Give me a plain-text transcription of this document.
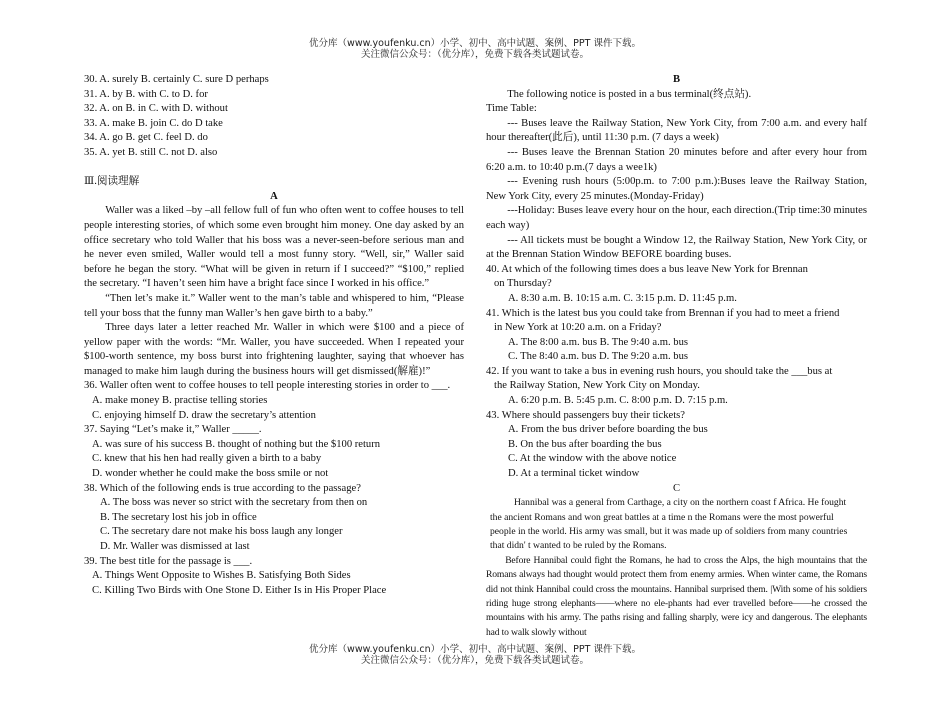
优分库（www.youfenku.cn）小学、初中、高中试题、案例、PPT 课件下载。
关注微信公众号：（优分库），免费下载各类试题试卷。
30. A. surely B. certainly C. sure D perhaps
31. A. by B. with C. to D. for
32. A. on B. in C. with D. without
33. A. make B. join C. do D take
34. A. go B. get C. feel D. do
35. A. yet B. still C. not D. also
Ⅲ.阅读理解
A

Waller was a liked –by –all fellow full of fun who often went to coffee houses to tell people interesting stories, of which some even brought him money. One day asked by an office secretary who told Waller that his boss was a never-seen-before serious man and he never even smiled, Waller would tell a most funny story. “Well, sir,” Waller said before he began the story. “What will be given in return if I succeed?” “$100,” replied the secretary. “I haven’t seen him have a bright face since I worked in his office.”

“Then let’s make it.” Waller went to the man’s table and whispered to him, “Please tell your boss that the funny man Waller’s hen gave birth to a baby.”

Three days later a letter reached Mr. Waller in which were $100 and a piece of yellow paper with the words: “Mr. Waller, you have succeeded. When I repeated your $100-worth sentence, my boss burst into frightening laughter, saying that whoever has managed to make him laugh during the business hours will get dismissed(解雇)!”

36. Waller often went to coffee houses to tell people interesting stories in order to ___.

A. make money B. practise telling stories
C. enjoying himself D. draw the secretary’s attention
37. Saying “Let’s make it,” Waller _____.
A. was sure of his success B. thought of nothing but the $100 return
C. knew that his hen had really given a birth to a baby
D. wonder whether he could make the boss smile or not
38. Which of the following ends is true according to the passage?
A. The boss was never so strict with the secretary from then on
B. The secretary lost his job in office
C. The secretary dare not make his boss laugh any longer
D. Mr. Waller was dismissed at last
39. The best title for the passage is ___.
A. Things Went Opposite to Wishes B. Satisfying Both Sides
C. Killing Two Birds with One Stone D. Either Is in His Proper Place
B
The following notice is posted in a bus terminal(终点站).
Time Table:

--- Buses leave the Railway Station, New York City, from 7:00 a.m. and every half hour thereafter(此后), until 11:30 p.m. (7 days a week)

--- Buses leave the Brennan Station 20 minutes before and after every hour from 6:20 a.m. to 10:40 p.m.(7 days a wee1k)

--- Evening rush hours (5:00p.m. to 7:00 p.m.):Buses leave the Railway Station, New York City, every 25 minutes.(Monday-Friday)

---Holiday: Buses leave every hour on the hour, each direction.(Trip time:30 minutes each way)

--- All tickets must be bought a Window 12, the Railway Station, New York City, or at the Brennan Station Window BEFORE boarding buses.

40. At which of the following times does a bus leave New York for Brennan
on Thursday?
A. 8:30 a.m. B. 10:15 a.m. C. 3:15 p.m. D. 11:45 p.m.
41. Which is the latest bus you could take from Brennan if you had to meet a friend
in New York at 10:20 a.m. on a Friday?
A. The 8:00 a.m. bus B. The 9:40 a.m. bus
C. The 8:40 a.m. bus D. The 9:20 a.m. bus
42. If you want to take a bus in evening rush hours, you should take the ___bus at
the Railway Station, New York City on Monday.
A. 6:20 p.m. B. 5:45 p.m. C. 8:00 p.m. D. 7:15 p.m.
43. Where should passengers buy their tickets?
A. From the bus driver before boarding the bus
B. On the bus after boarding the bus
C. At the window with the above notice
D. At a terminal ticket window
C
Hannibal was a general from Carthage, a city on the northern coast f Africa. He fought
the ancient Romans and won great battles at a time n the Romans were the most powerful
people in the world. His army was small, but it was made up of soldiers from many countries
that didn' t wanted to be ruled by the Romans.

Before Hannibal could fight the Romans, he had to cross the Alps, the high mountains that the Romans always had thought would protect them from enemy armies. When winter came, the Romans did not think Hannibal could cross the mountains. Hannibal surprised them. |With some of his soldiers riding huge strong elephants——where no ele-phants had ever travelled before——he crossed the mountains with his army. The paths rising and falling sharply, were icy and dangerous. The elephants had to walk slowly without

优分库（www.youfenku.cn）小学、初中、高中试题、案例、PPT 课件下载。
关注微信公众号：（优分库），免费下载各类试题试卷。
